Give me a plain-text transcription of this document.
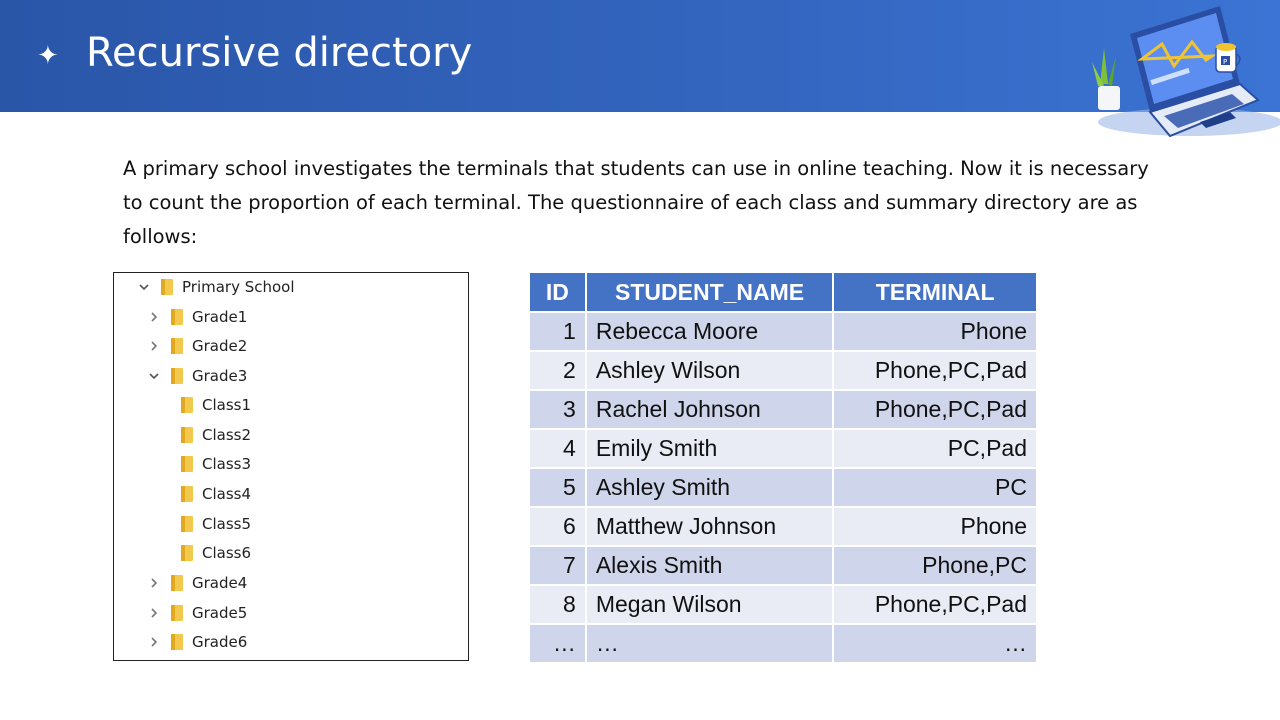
✦ Recursive directory	P
A primary school investigates the terminals that students can use in online teaching. Now it is necessary to count the proportion of each terminal. The questionnaire of each class and summary directory are as follows:
Primary School
Grade1
Grade2
Grade3
Class1
Class2
Class3
Class4
Class5
Class6
Grade4
Grade5
Grade6
ID	STUDENT_NAME	TERMINAL
1	Rebecca Moore	Phone
2	Ashley Wilson	Phone,PC,Pad
3	Rachel Johnson	Phone,PC,Pad
4	Emily Smith	PC,Pad
5	Ashley Smith	PC
6	Matthew Johnson	Phone
7	Alexis Smith	Phone,PC
8	Megan Wilson	Phone,PC,Pad
…	…	…
